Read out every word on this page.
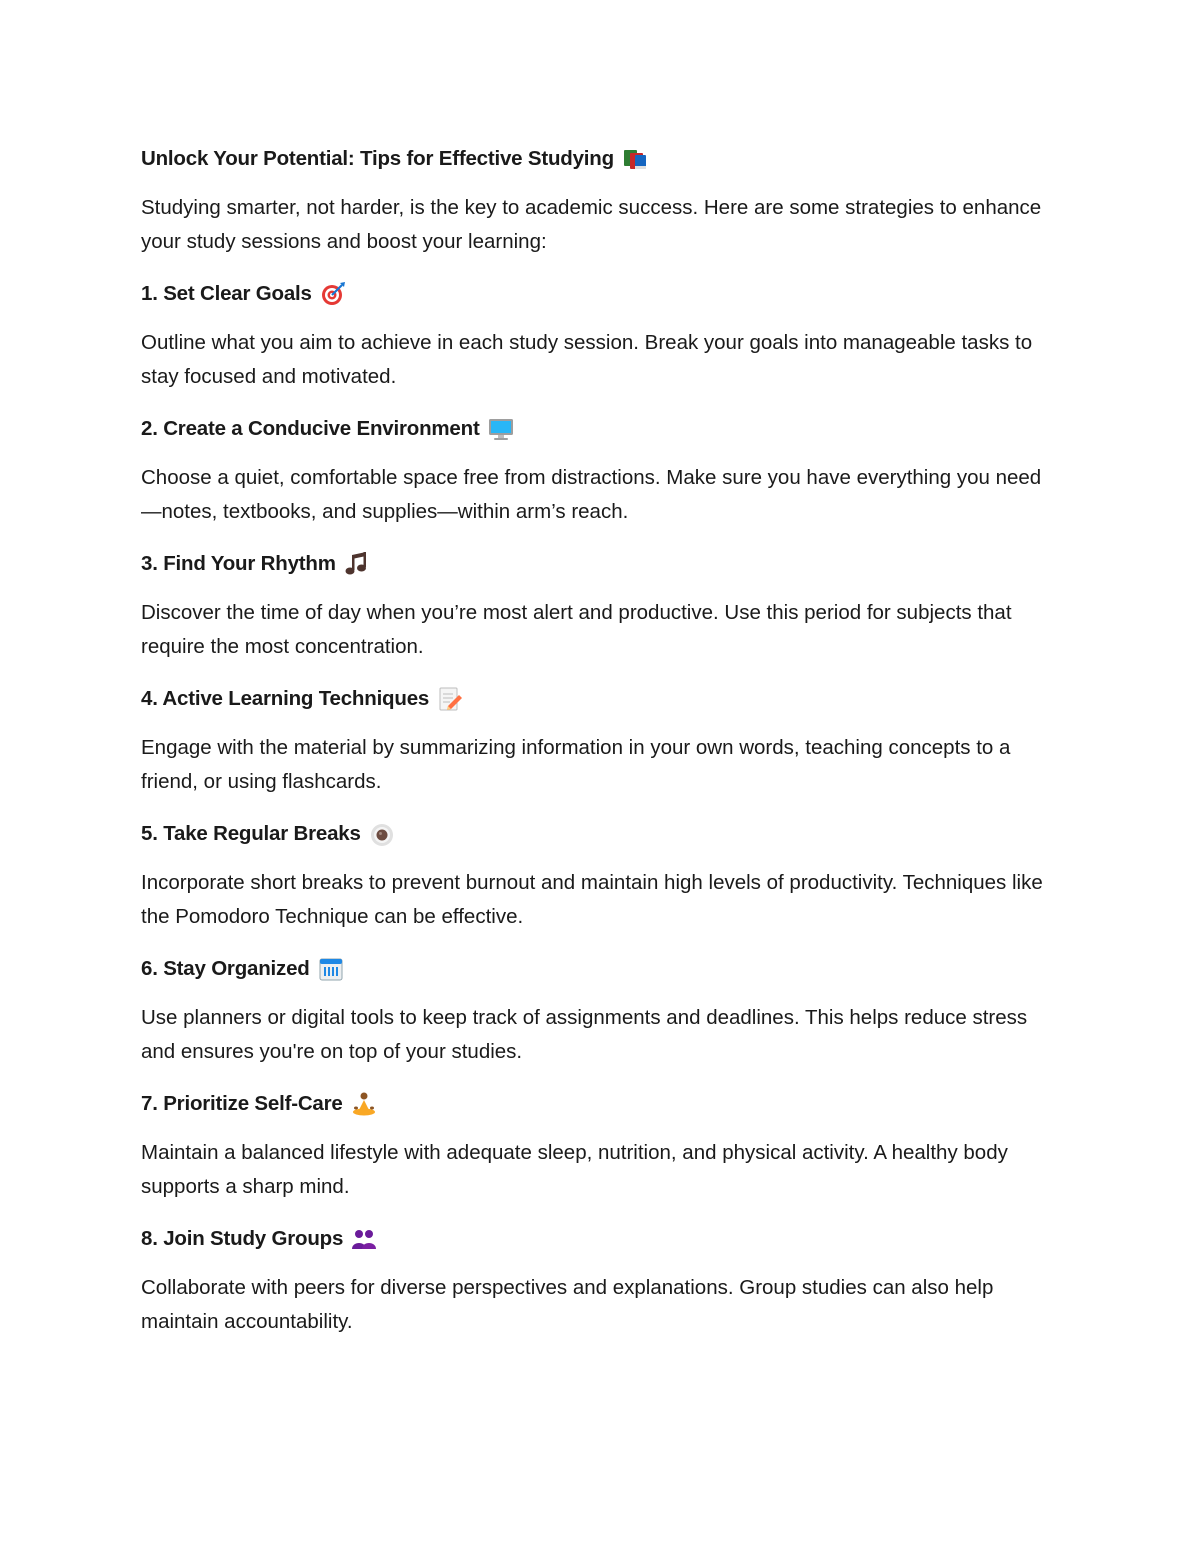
Unlock Your Potential: Tips for Effective Studying
Studying smarter, not harder, is the key to academic success. Here are some strategies to enhance your study sessions and boost your learning:
1. Set Clear Goals
Outline what you aim to achieve in each study session. Break your goals into manageable tasks to stay focused and motivated.
2. Create a Conducive Environment
Choose a quiet, comfortable space free from distractions. Make sure you have everything you need—notes, textbooks, and supplies—within arm’s reach.
3. Find Your Rhythm
Discover the time of day when you’re most alert and productive. Use this period for subjects that require the most concentration.
4. Active Learning Techniques
Engage with the material by summarizing information in your own words, teaching concepts to a friend, or using flashcards.
5. Take Regular Breaks
Incorporate short breaks to prevent burnout and maintain high levels of productivity. Techniques like the Pomodoro Technique can be effective.
6. Stay Organized
Use planners or digital tools to keep track of assignments and deadlines. This helps reduce stress and ensures you're on top of your studies.
7. Prioritize Self-Care
Maintain a balanced lifestyle with adequate sleep, nutrition, and physical activity. A healthy body supports a sharp mind.
8. Join Study Groups
Collaborate with peers for diverse perspectives and explanations. Group studies can also help maintain accountability.
